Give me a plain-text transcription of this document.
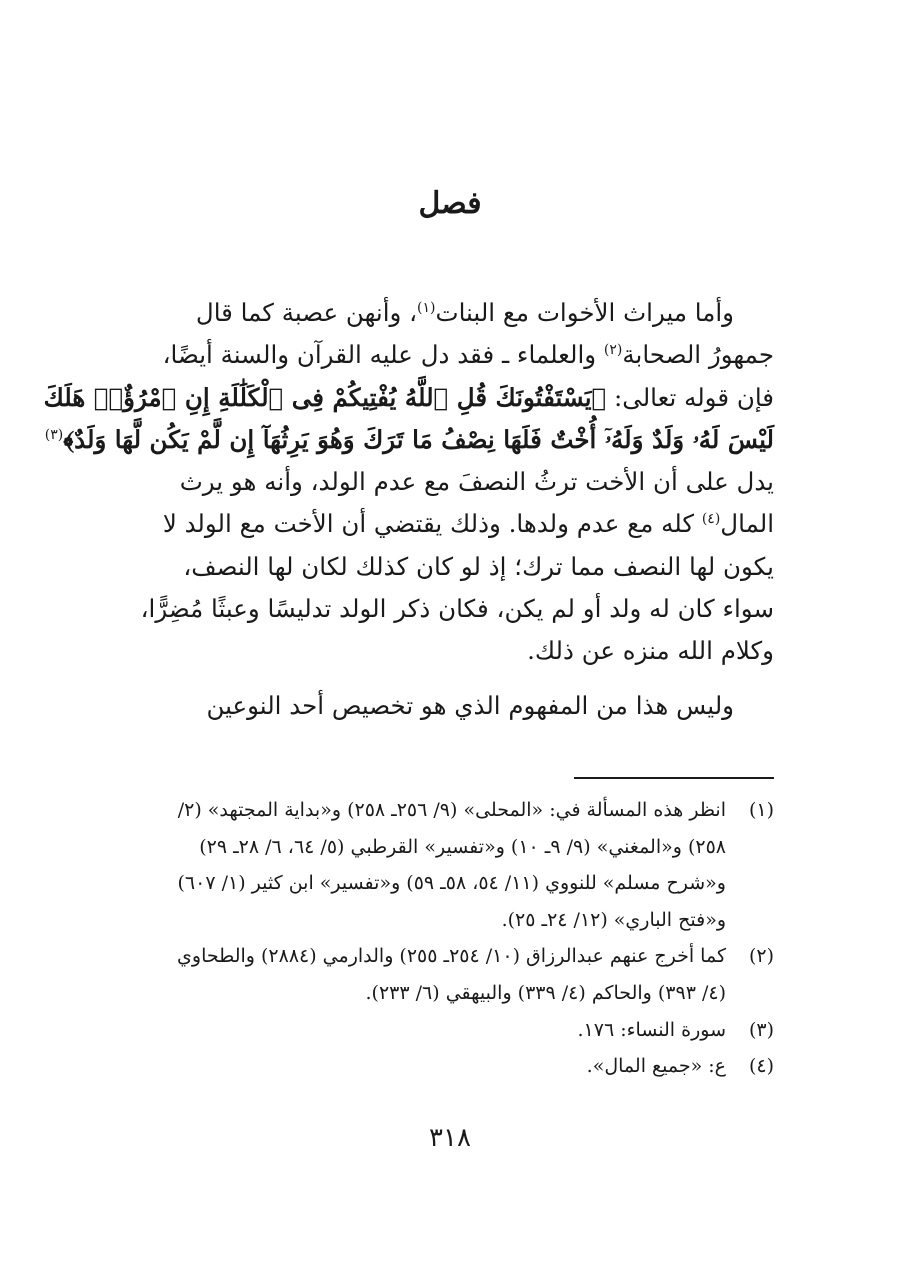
فصل
وأما ميراث الأخوات مع البنات$^{(١)}$، وأنهن عصبة كما قال
جمهورُ الصحابة$^{(٢)}$ والعلماء ـ فقد دل عليه القرآن والسنة أيضًا،
فإن قوله تعالى: ﴿يَسْتَفْتُونَكَ قُلِ ٱللَّهُ يُفْتِيكُمْ فِى ٱلْكَلَٰلَةِ إِنِ ٱمْرُؤٌا۟ هَلَكَ
لَيْسَ لَهُۥ وَلَدٌ وَلَهُۥٓ أُخْتٌ فَلَهَا نِصْفُ مَا تَرَكَ وَهُوَ يَرِثُهَآ إِن لَّمْ يَكُن لَّهَا وَلَدٌ﴾$^{(٣)}$
يدل على أن الأخت ترثُ النصفَ مع عدم الولد، وأنه هو يرث
المال$^{(٤)}$ كله مع عدم ولدها. وذلك يقتضي أن الأخت مع الولد لا
يكون لها النصف مما ترك؛ إذ لو كان كذلك لكان لها النصف،
سواء كان له ولد أو لم يكن، فكان ذكر الولد تدليسًا وعبثًا مُضِرًّا،
وكلام الله منزه عن ذلك.
وليس هذا من المفهوم الذي هو تخصيص أحد النوعين
(١)
انظر هذه المسألة في: «المحلى» (٩/ ٢٥٦ـ ٢٥٨) و«بداية المجتهد» (٢/
٢٥٨) و«المغني» (٩/ ٩ـ ١٠) و«تفسير» القرطبي (٥/ ٦٤، ٦/ ٢٨ـ ٢٩)
و«شرح مسلم» للنووي (١١/ ٥٤، ٥٨ـ ٥٩) و«تفسير» ابن كثير (١/ ٦٠٧)
و«فتح الباري» (١٢/ ٢٤ـ ٢٥).
(٢)
كما أخرج عنهم عبدالرزاق (١٠/ ٢٥٤ـ ٢٥٥) والدارمي (٢٨٨٤) والطحاوي
(٤/ ٣٩٣) والحاكم (٤/ ٣٣٩) والبيهقي (٦/ ٢٣٣).
(٣)
سورة النساء: ١٧٦.
(٤)
ع: «جميع المال».
٣١٨
